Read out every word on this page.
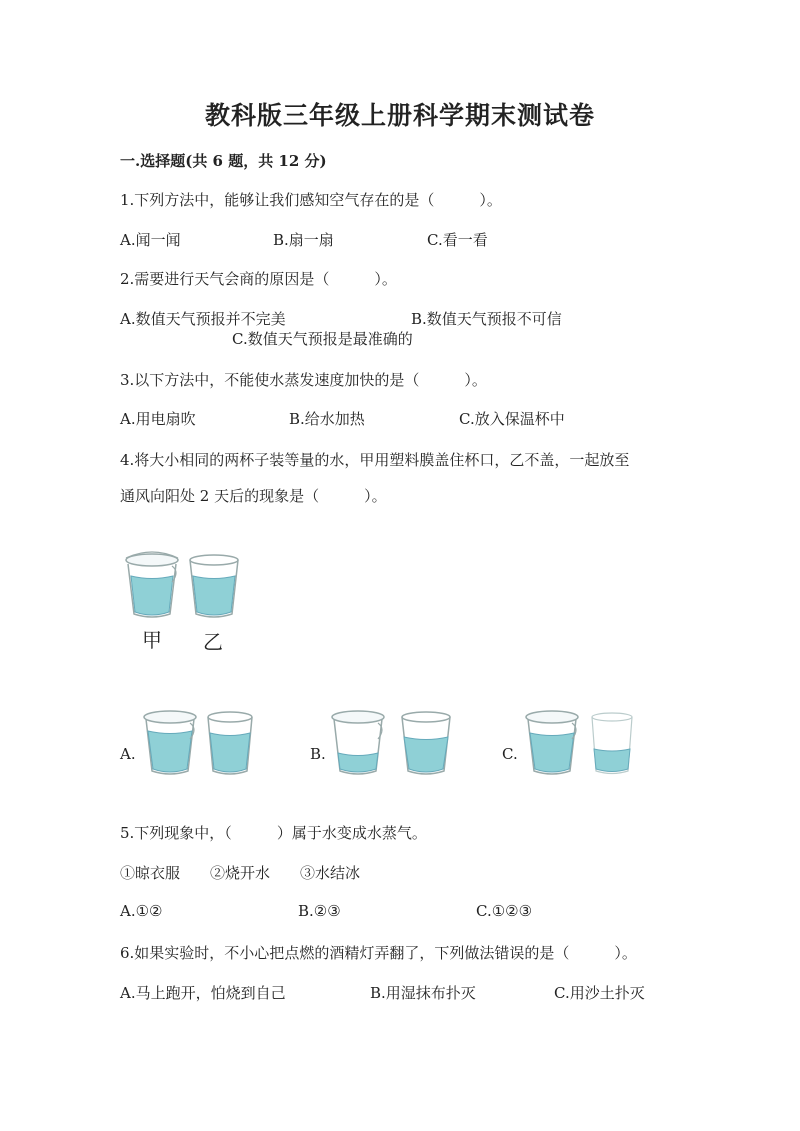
教科版三年级上册科学期末测试卷
一.选择题(共 6 题，共 12 分)
1.下列方法中，能够让我们感知空气存在的是（　　　）。
A.闻一闻	B.扇一扇	C.看一看
2.需要进行天气会商的原因是（　　　）。
A.数值天气预报并不完美	B.数值天气预报不可信
C.数值天气预报是最准确的
3.以下方法中，不能使水蒸发速度加快的是（　　　）。
A.用电扇吹	B.给水加热	C.放入保温杯中
4.将大小相同的两杯子装等量的水，甲用塑料膜盖住杯口，乙不盖，一起放至
通风向阳处 2 天后的现象是（　　　）。
甲 乙
A.	B.	C.
5.下列现象中，（　　　）属于水变成水蒸气。
①晾衣服　　②烧开水　　③水结冰
A.①②	B.②③	C.①②③
6.如果实验时，不小心把点燃的酒精灯弄翻了，下列做法错误的是（　　　）。
A.马上跑开，怕烧到自己	B.用湿抹布扑灭	C.用沙土扑灭
